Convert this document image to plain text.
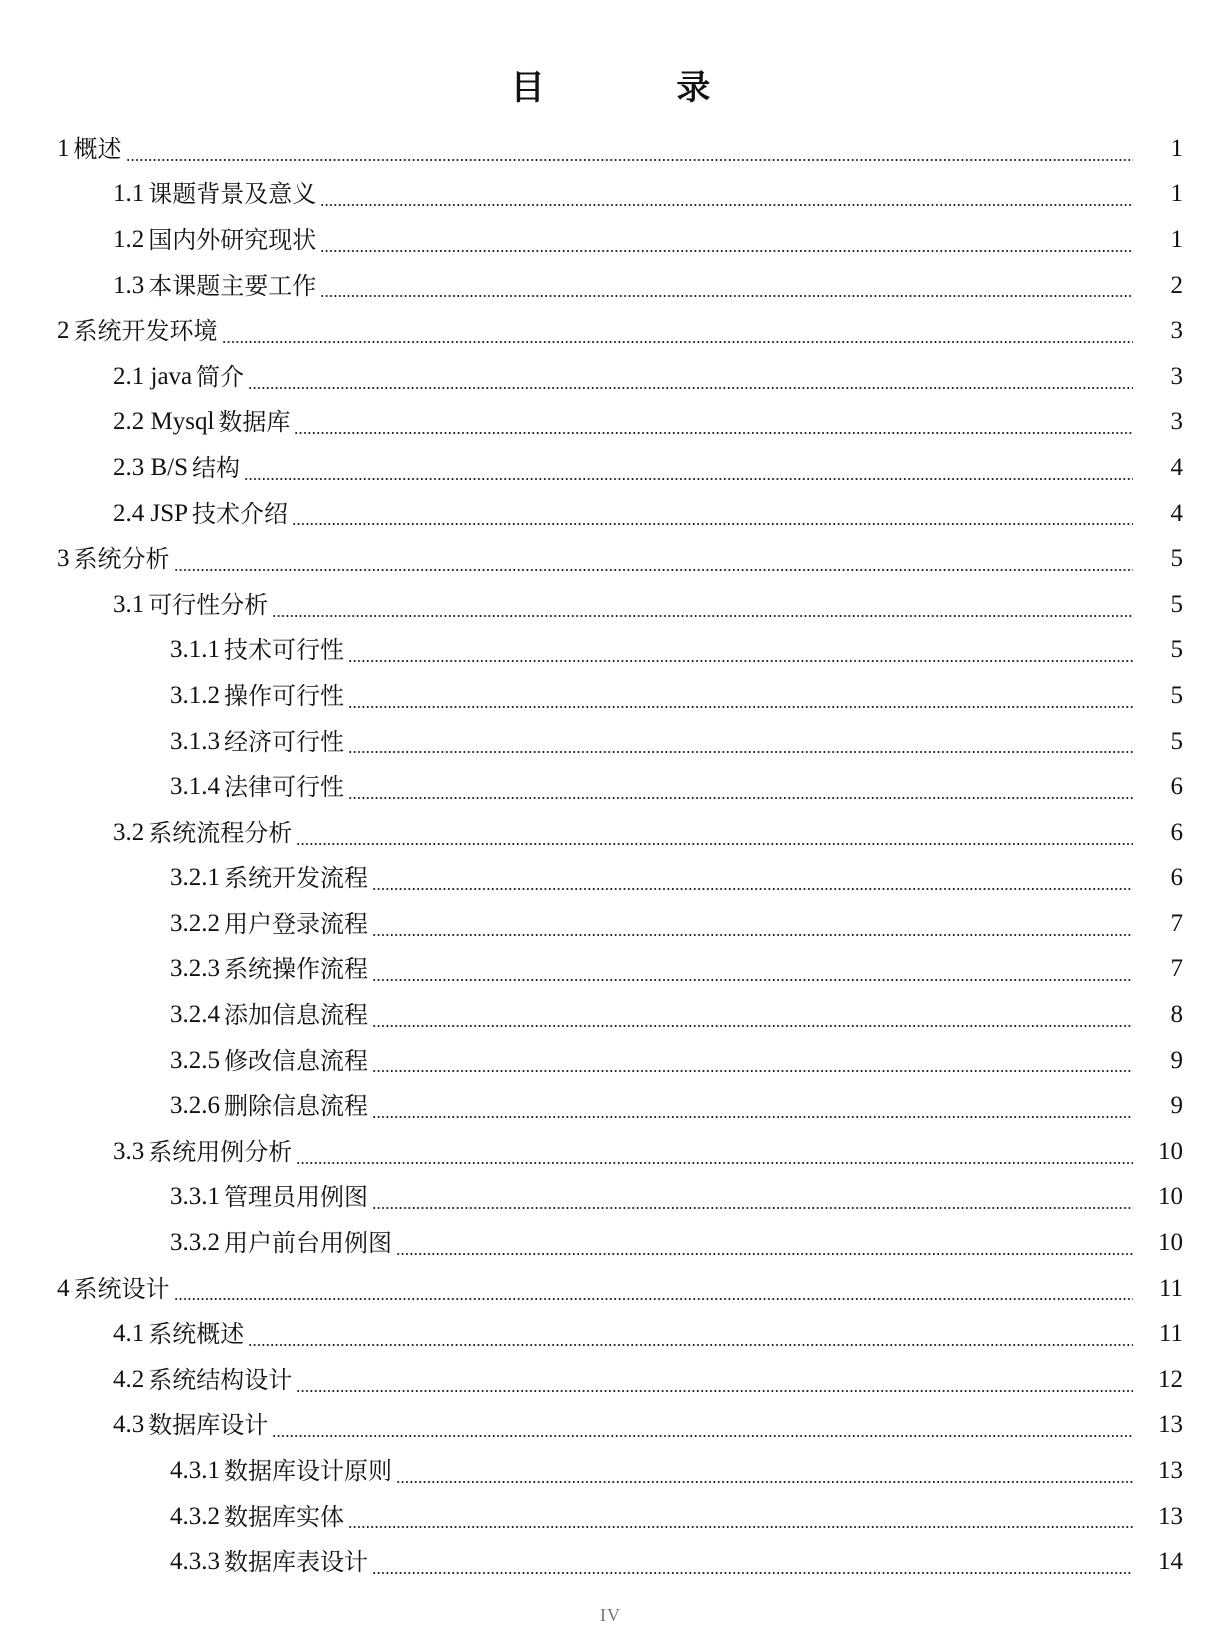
目 录
1 概述	1
1.1 课题背景及意义	1
1.2 国内外研究现状	1
1.3 本课题主要工作	2
2 系统开发环境	3
2.1 java 简介	3
2.2 Mysql 数据库	3
2.3 B/S 结构	4
2.4 JSP 技术介绍	4
3 系统分析	5
3.1 可行性分析	5
3.1.1 技术可行性	5
3.1.2 操作可行性	5
3.1.3 经济可行性	5
3.1.4 法律可行性	6
3.2 系统流程分析	6
3.2.1 系统开发流程	6
3.2.2 用户登录流程	7
3.2.3 系统操作流程	7
3.2.4 添加信息流程	8
3.2.5 修改信息流程	9
3.2.6 删除信息流程	9
3.3 系统用例分析	10
3.3.1 管理员用例图	10
3.3.2 用户前台用例图	10
4 系统设计	11
4.1 系统概述	11
4.2 系统结构设计	12
4.3 数据库设计	13
4.3.1 数据库设计原则	13
4.3.2 数据库实体	13
4.3.3 数据库表设计	14
IV
